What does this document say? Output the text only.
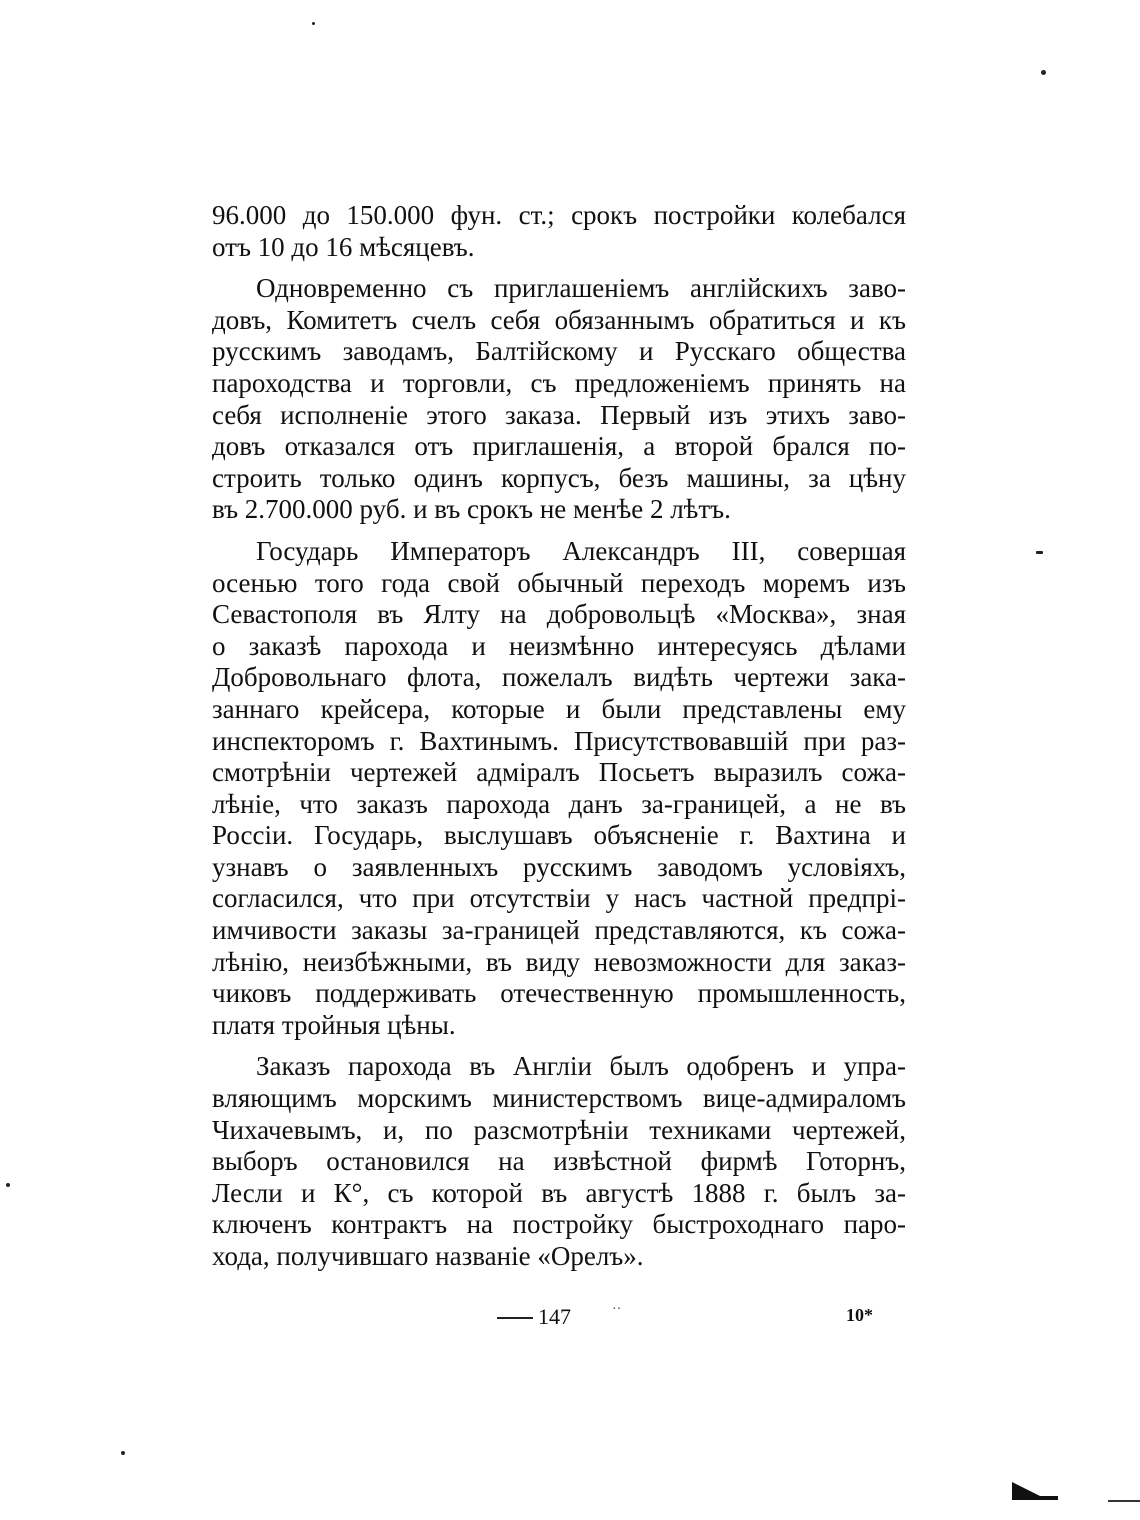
96.000 до 150.000 фун. ст.; срокъ постройки колебался
отъ 10 до 16 мѣсяцевъ.
Одновременно съ приглашеніемъ англійскихъ заво-
довъ, Комитетъ счелъ себя обязаннымъ обратиться и къ
русскимъ заводамъ, Балтійскому и Русскаго общества
пароходства и торговли, съ предложеніемъ принять на
себя исполненіе этого заказа. Первый изъ этихъ заво-
довъ отказался отъ приглашенія, а второй брался по-
строить только одинъ корпусъ, безъ машины, за цѣну
въ 2.700.000 руб. и въ срокъ не менѣе 2 лѣтъ.
Государь Императоръ Александръ III, совершая
осенью того года свой обычный переходъ моремъ изъ
Севастополя въ Ялту на добровольцѣ «Москва», зная
о заказѣ парохода и неизмѣнно интересуясь дѣлами
Добровольнаго флота, пожелалъ видѣть чертежи зака-
заннаго крейсера, которые и были представлены ему
инспекторомъ г. Вахтинымъ. Присутствовавшій при раз-
смотрѣніи чертежей адміралъ Посьетъ выразилъ сожа-
лѣніе, что заказъ парохода данъ за-границей, а не въ
Россіи. Государь, выслушавъ объясненіе г. Вахтина и
узнавъ о заявленныхъ русскимъ заводомъ условіяхъ,
согласился, что при отсутствіи у насъ частной предпрі-
имчивости заказы за-границей представляются, къ сожа-
лѣнію, неизбѣжными, въ виду невозможности для заказ-
чиковъ поддерживать отечественную промышленность,
платя тройныя цѣны.
Заказъ парохода въ Англіи былъ одобренъ и упра-
вляющимъ морскимъ министерствомъ вице-адмираломъ
Чихачевымъ, и, по разсмотрѣніи техниками чертежей,
выборъ остановился на извѣстной фирмѣ Готорнъ,
Лесли и К°, съ которой въ августѣ 1888 г. былъ за-
ключенъ контрактъ на постройку быстроходнаго паро-
хода, получившаго названіе «Орелъ».
147	··	10*
